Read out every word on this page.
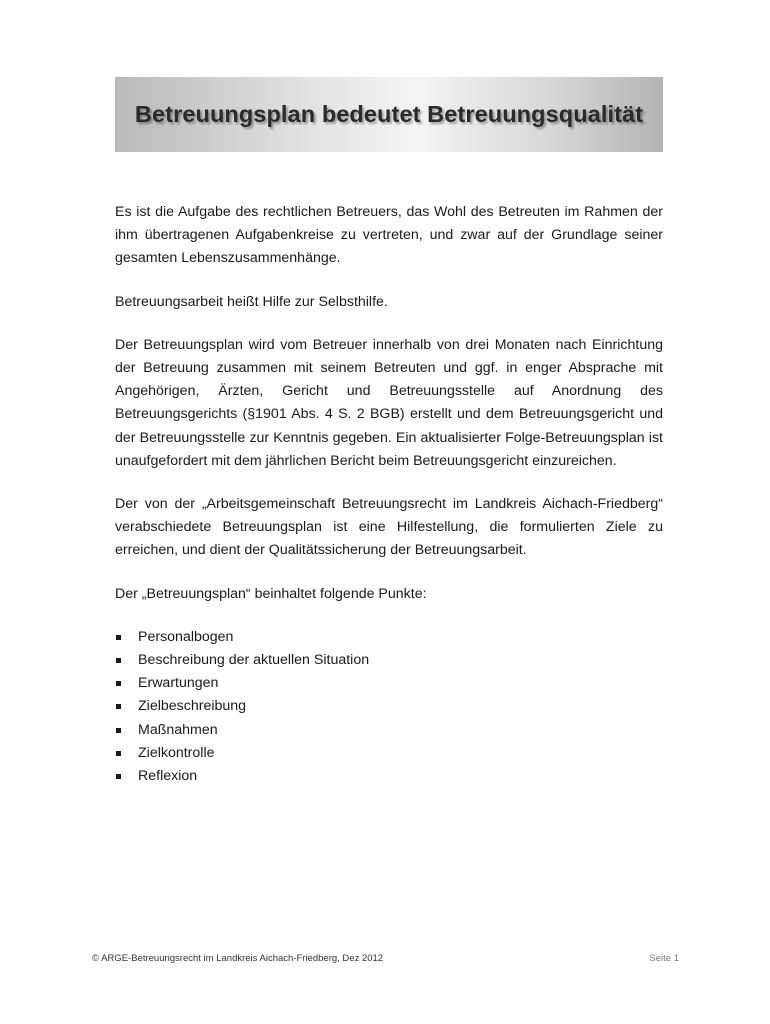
Betreuungsplan bedeutet Betreuungsqualität

Es ist die Aufgabe des rechtlichen Betreuers, das Wohl des Betreuten im Rahmen der ihm übertragenen Aufgabenkreise zu vertreten, und zwar auf der Grundlage seiner gesamten Lebenszusammenhänge.

Betreuungsarbeit heißt Hilfe zur Selbsthilfe.

Der Betreuungsplan wird vom Betreuer innerhalb von drei Monaten nach Einrichtung der Betreuung zusammen mit seinem Betreuten und ggf. in enger Absprache mit Angehörigen, Ärzten, Gericht und Betreuungsstelle auf Anordnung des Betreuungsgerichts (§1901 Abs. 4 S. 2 BGB) erstellt und dem Betreuungsgericht und der Betreuungsstelle zur Kenntnis gegeben. Ein aktualisierter Folge-Betreuungsplan ist unaufgefordert mit dem jährlichen Bericht beim Betreuungsgericht einzureichen.

Der von der „Arbeitsgemeinschaft Betreuungsrecht im Landkreis Aichach-Friedberg“ verabschiedete Betreuungsplan ist eine Hilfestellung, die formulierten Ziele zu erreichen, und dient der Qualitätssicherung der Betreuungsarbeit.

Der „Betreuungsplan“ beinhaltet folgende Punkte:

Personalbogen
Beschreibung der aktuellen Situation
Erwartungen
Zielbeschreibung
Maßnahmen
Zielkontrolle
Reflexion
© ARGE-Betreuungsrecht im Landkreis Aichach-Friedberg, Dez 2012	Seite 1
